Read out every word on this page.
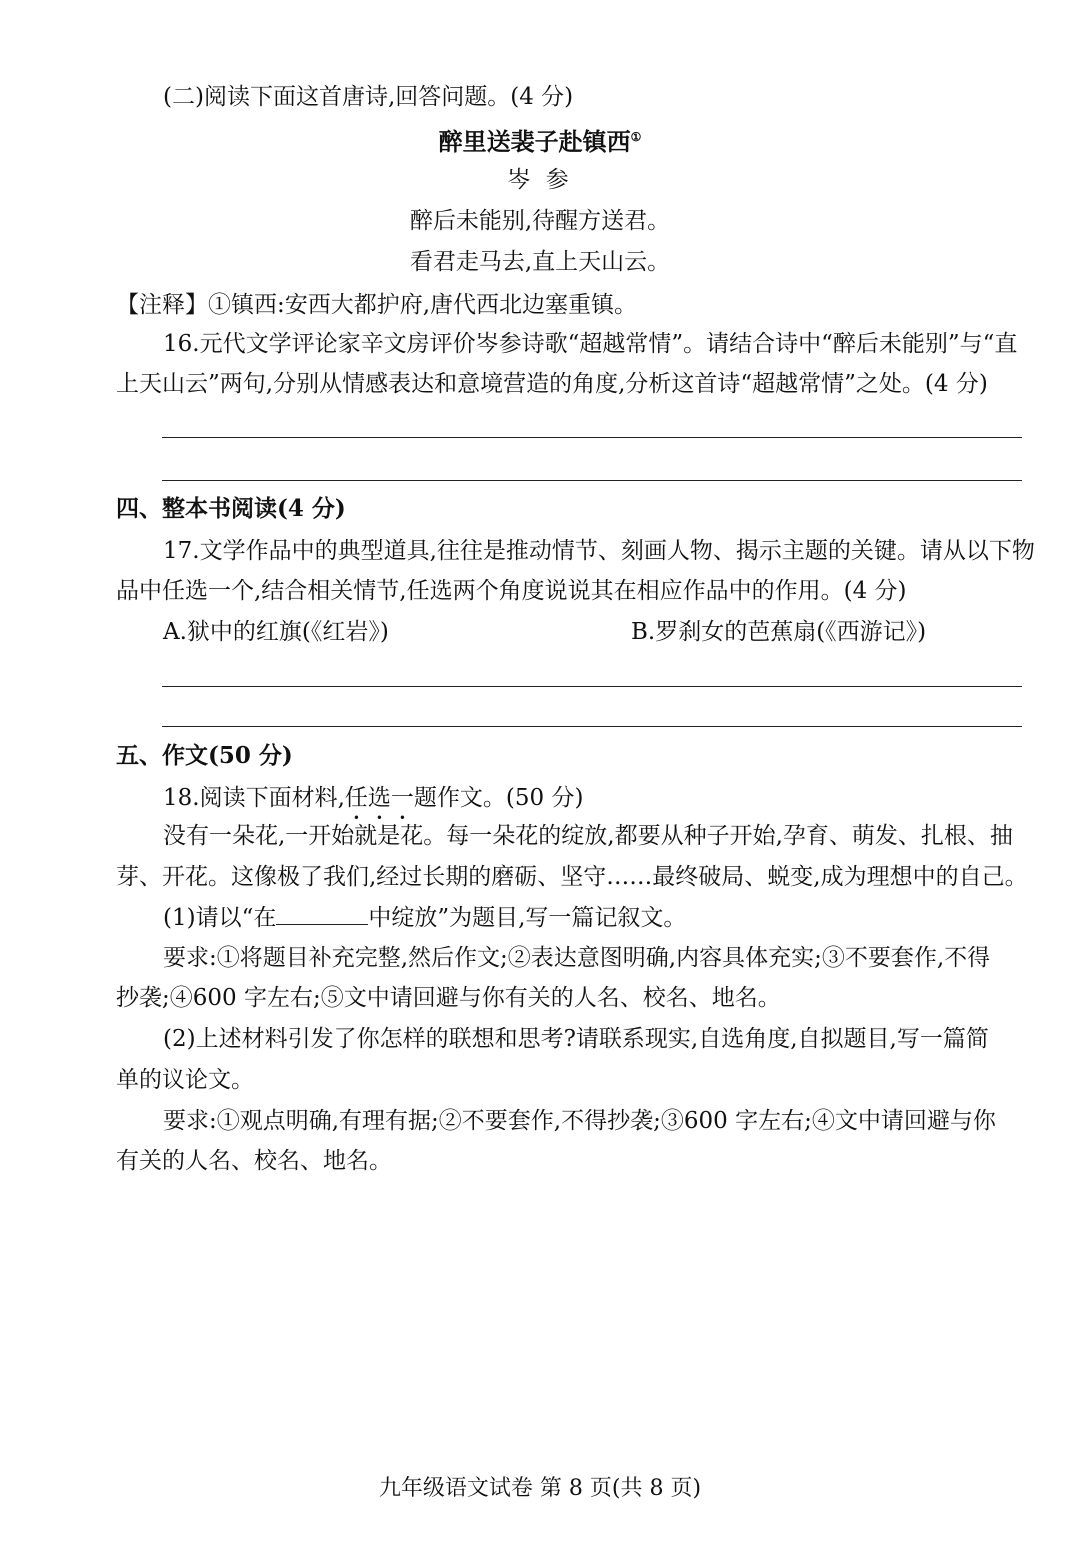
(二)阅读下面这首唐诗,回答问题。(4 分)
醉里送裴子赴镇西①
岑 参
醉后未能别,待醒方送君。
看君走马去,直上天山云。
【注释】①镇西:安西大都护府,唐代西北边塞重镇。
16.元代文学评论家辛文房评价岑参诗歌“超越常情”。请结合诗中“醉后未能别”与“直
上天山云”两句,分别从情感表达和意境营造的角度,分析这首诗“超越常情”之处。(4 分)
四、整本书阅读(4 分)
17.文学作品中的典型道具,往往是推动情节、刻画人物、揭示主题的关键。请从以下物
品中任选一个,结合相关情节,任选两个角度说说其在相应作品中的作用。(4 分)
A.狱中的红旗(《红岩》)	B.罗刹女的芭蕉扇(《西游记》)
五、作文(50 分)
18.阅读下面材料,任选一题作文。(50 分)
没有一朵花,一开始就是花。每一朵花的绽放,都要从种子开始,孕育、萌发、扎根、抽
芽、开花。这像极了我们,经过长期的磨砺、坚守……最终破局、蜕变,成为理想中的自己。
(1)请以“在	中绽放”为题目,写一篇记叙文。
要求:①将题目补充完整,然后作文;②表达意图明确,内容具体充实;③不要套作,不得
抄袭;④600 字左右;⑤文中请回避与你有关的人名、校名、地名。
(2)上述材料引发了你怎样的联想和思考?请联系现实,自选角度,自拟题目,写一篇简
单的议论文。
要求:①观点明确,有理有据;②不要套作,不得抄袭;③600 字左右;④文中请回避与你
有关的人名、校名、地名。
九年级语文试卷 第 8 页(共 8 页)
